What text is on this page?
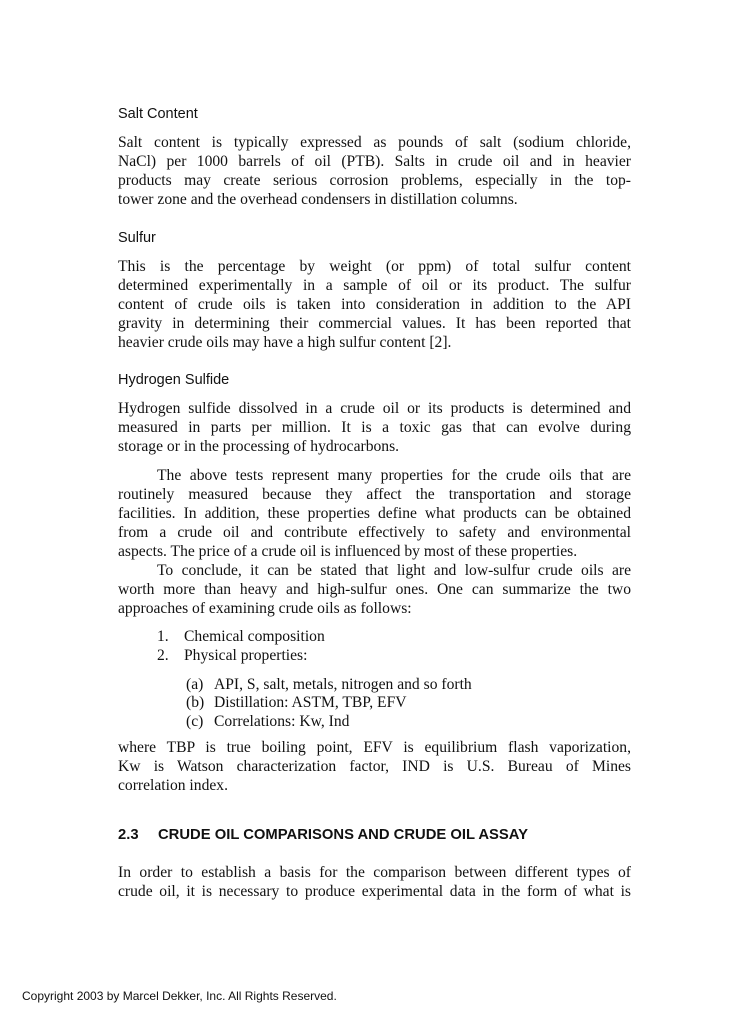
Salt Content
Salt content is typically expressed as pounds of salt (sodium chloride,
NaCl) per 1000 barrels of oil (PTB). Salts in crude oil and in heavier
products may create serious corrosion problems, especially in the top-
tower zone and the overhead condensers in distillation columns.
Sulfur
This is the percentage by weight (or ppm) of total sulfur content
determined experimentally in a sample of oil or its product. The sulfur
content of crude oils is taken into consideration in addition to the API
gravity in determining their commercial values. It has been reported that
heavier crude oils may have a high sulfur content [2].
Hydrogen Sulfide
Hydrogen sulfide dissolved in a crude oil or its products is determined and
measured in parts per million. It is a toxic gas that can evolve during
storage or in the processing of hydrocarbons.
The above tests represent many properties for the crude oils that are
routinely measured because they affect the transportation and storage
facilities. In addition, these properties define what products can be obtained
from a crude oil and contribute effectively to safety and environmental
aspects. The price of a crude oil is influenced by most of these properties.
To conclude, it can be stated that light and low-sulfur crude oils are
worth more than heavy and high-sulfur ones. One can summarize the two
approaches of examining crude oils as follows:
1. Chemical composition
2. Physical properties:
(a) API, S, salt, metals, nitrogen and so forth
(b) Distillation: ASTM, TBP, EFV
(c) Correlations: Kw, Ind
where TBP is true boiling point, EFV is equilibrium flash vaporization,
Kw is Watson characterization factor, IND is U.S. Bureau of Mines
correlation index.
2.3 CRUDE OIL COMPARISONS AND CRUDE OIL ASSAY
In order to establish a basis for the comparison between different types of
crude oil, it is necessary to produce experimental data in the form of what is
Copyright 2003 by Marcel Dekker, Inc. All Rights Reserved.
